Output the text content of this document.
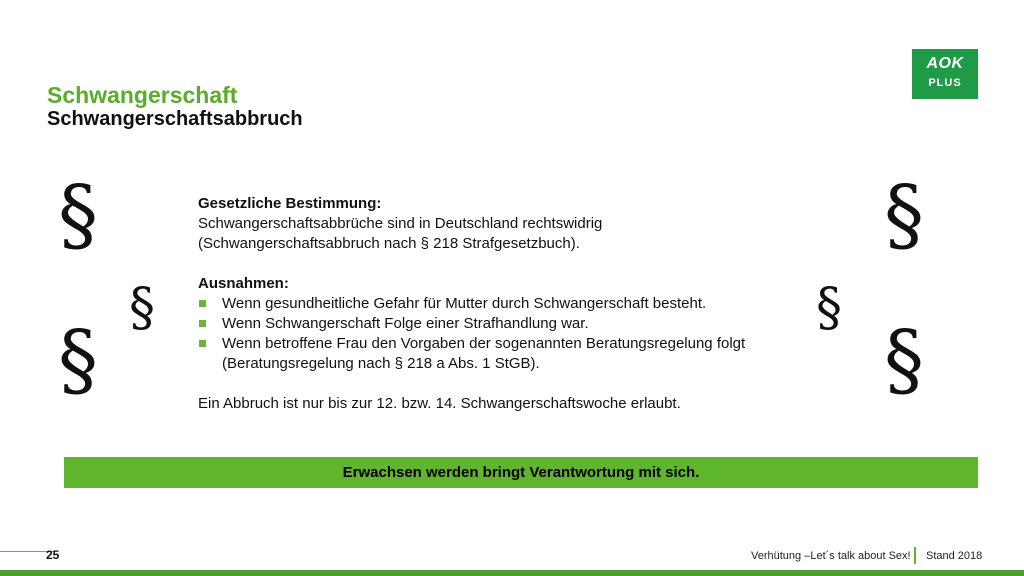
AOK
PLUS
Schwangerschaft
Schwangerschaftsabbruch
§
§
§
§
§
§
Gesetzliche Bestimmung:
Schwangerschaftsabbrüche sind in Deutschland rechtswidrig
(Schwangerschaftsabbruch nach § 218 Strafgesetzbuch).
Ausnahmen:
Wenn gesundheitliche Gefahr für Mutter durch Schwangerschaft besteht.
Wenn Schwangerschaft Folge einer Strafhandlung war.
Wenn betroffene Frau den Vorgaben der sogenannten Beratungsregelung folgt (Beratungsregelung nach § 218 a Abs. 1 StGB).
Ein Abbruch ist nur bis zur 12. bzw. 14. Schwangerschaftswoche erlaubt.
Erwachsen werden bringt Verantwortung mit sich.
25	Verhütung –Let´s talk about Sex! Stand 2018
